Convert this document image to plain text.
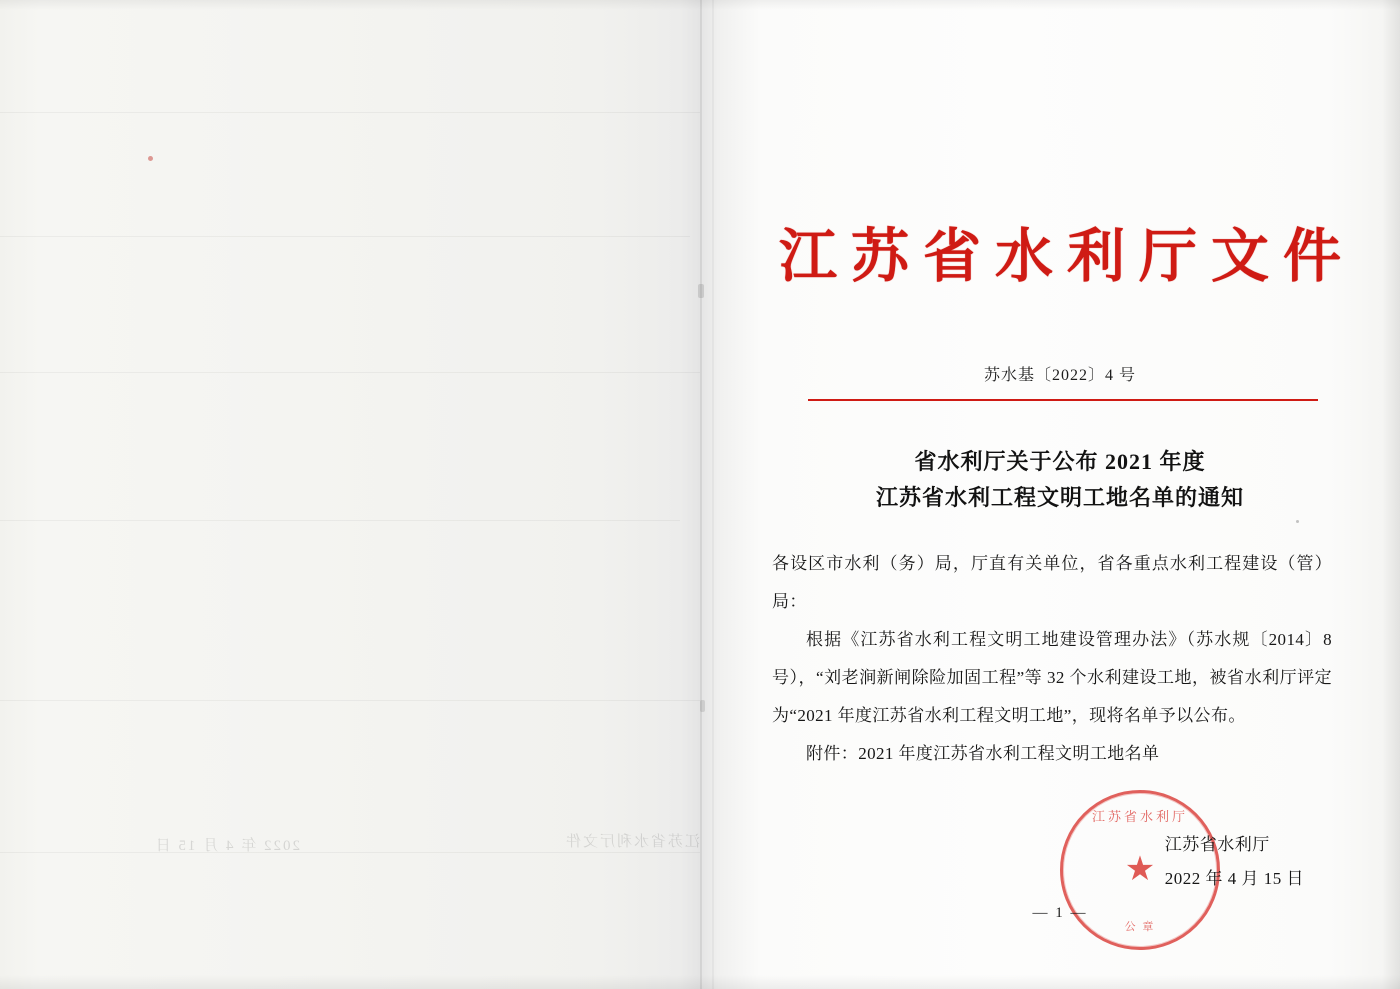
江苏省水利厅文件
2022 年 4 月 15 日
江苏省水利厅文件
苏水基〔2022〕4 号
省水利厅关于公布 2021 年度
江苏省水利工程文明工地名单的通知

各设区市水利（务）局，厅直有关单位，省各重点水利工程建设（管）局：

根据《江苏省水利工程文明工地建设管理办法》（苏水规〔2014〕8 号），“刘老涧新闸除险加固工程”等 32 个水利建设工地，被省水利厅评定为“2021 年度江苏省水利工程文明工地”，现将名单予以公布。

附件：2021 年度江苏省水利工程文明工地名单

江苏省水利厅
★
公 章
江苏省水利厅
2022 年 4 月 15 日
— 1 —
